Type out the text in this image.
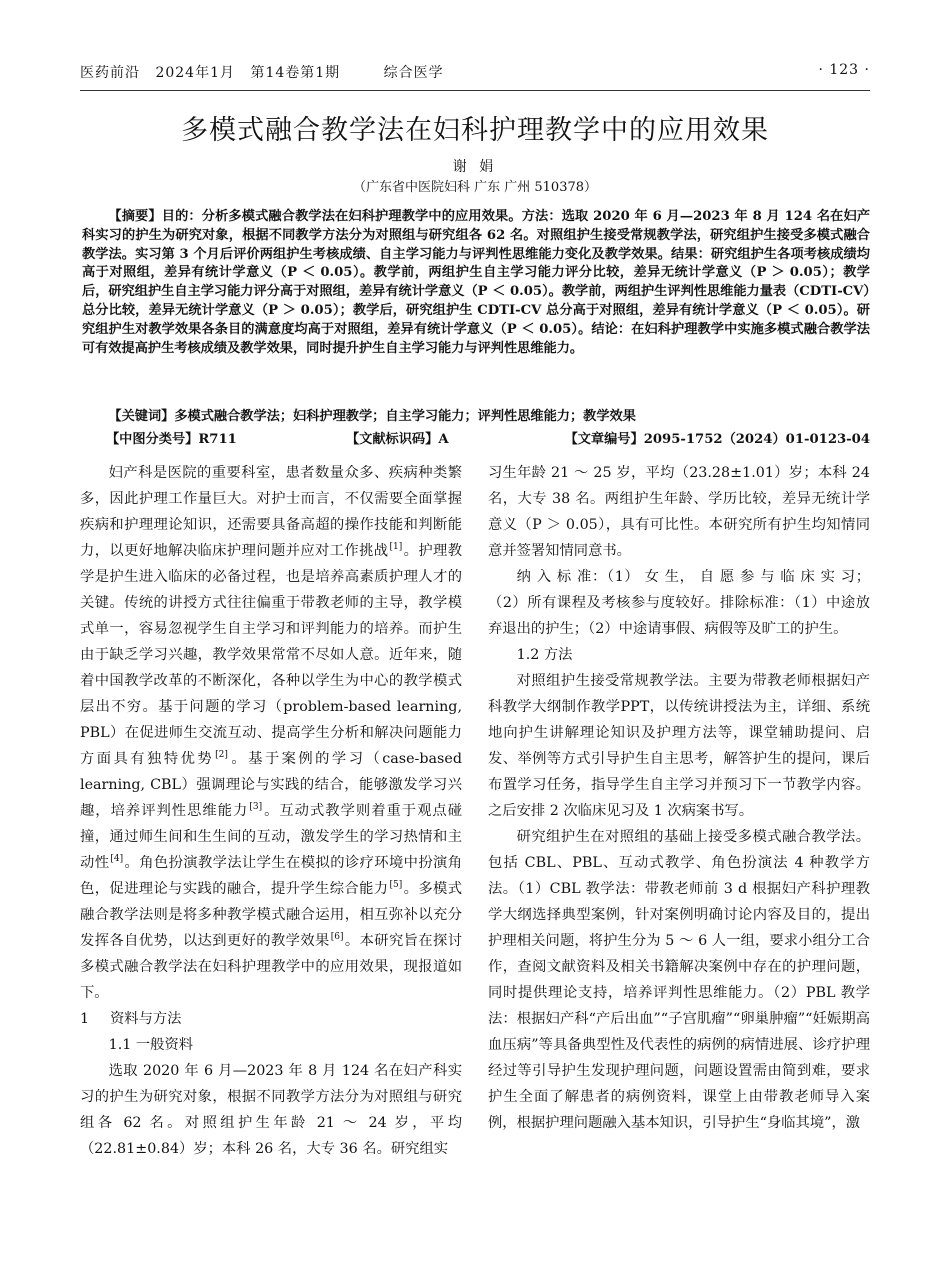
医药前沿 2024年1月 第14卷第1期	综合医学	· 123 ·
多模式融合教学法在妇科护理教学中的应用效果
谢 娟
（广东省中医院妇科 广东 广州 510378）

【摘要】目的：分析多模式融合教学法在妇科护理教学中的应用效果。方法：选取 2020 年 6 月—2023 年 8 月 124 名在妇产科实习的护生为研究对象，根据不同教学方法分为对照组与研究组各 62 名。对照组护生接受常规教学法，研究组护生接受多模式融合教学法。实习第 3 个月后评价两组护生考核成绩、自主学习能力与评判性思维能力变化及教学效果。结果：研究组护生各项考核成绩均高于对照组，差异有统计学意义（P ＜ 0.05）。教学前，两组护生自主学习能力评分比较，差异无统计学意义（P ＞ 0.05）；教学后，研究组护生自主学习能力评分高于对照组，差异有统计学意义（P ＜ 0.05）。教学前，两组护生评判性思维能力量表（CDTI-CV）总分比较，差异无统计学意义（P ＞ 0.05）；教学后，研究组护生 CDTI-CV 总分高于对照组，差异有统计学意义（P ＜ 0.05）。研究组护生对教学效果各条目的满意度均高于对照组，差异有统计学意义（P ＜ 0.05）。结论：在妇科护理教学中实施多模式融合教学法可有效提高护生考核成绩及教学效果，同时提升护生自主学习能力与评判性思维能力。

【关键词】多模式融合教学法；妇科护理教学；自主学习能力；评判性思维能力；教学效果
【中图分类号】R711	【文献标识码】A	【文章编号】2095-1752（2024）01-0123-04

妇产科是医院的重要科室，患者数量众多、疾病种类繁多，因此护理工作量巨大。对护士而言，不仅需要全面掌握疾病和护理理论知识，还需要具备高超的操作技能和判断能力，以更好地解决临床护理问题并应对工作挑战[1]。护理教学是护生进入临床的必备过程，也是培养高素质护理人才的关键。传统的讲授方式往往偏重于带教老师的主导，教学模式单一，容易忽视学生自主学习和评判能力的培养。而护生由于缺乏学习兴趣，教学效果常常不尽如人意。近年来，随着中国教学改革的不断深化，各种以学生为中心的教学模式层出不穷。基于问题的学习（problem-based learning, PBL）在促进师生交流互动、提高学生分析和解决问题能力方面具有独特优势[2]。基于案例的学习（case-based learning, CBL）强调理论与实践的结合，能够激发学习兴趣，培养评判性思维能力[3]。互动式教学则着重于观点碰撞，通过师生间和生生间的互动，激发学生的学习热情和主动性[4]。角色扮演教学法让学生在模拟的诊疗环境中扮演角色，促进理论与实践的融合，提升学生综合能力[5]。多模式融合教学法则是将多种教学模式融合运用，相互弥补以充分发挥各自优势，以达到更好的教学效果[6]。本研究旨在探讨多模式融合教学法在妇科护理教学中的应用效果，现报道如下。

1 资料与方法

1.1 一般资料

选取 2020 年 6 月—2023 年 8 月 124 名在妇产科实习的护生为研究对象，根据不同教学方法分为对照组与研究组各 62 名。对照组护生年龄 21 ～ 24 岁，平均（22.81±0.84）岁；本科 26 名，大专 36 名。研究组实

习生年龄 21 ～ 25 岁，平均（23.28±1.01）岁；本科 24 名，大专 38 名。两组护生年龄、学历比较，差异无统计学意义（P ＞ 0.05），具有可比性。本研究所有护生均知情同意并签署知情同意书。

纳 入 标 准：（1） 女 生， 自 愿 参 与 临 床 实 习；（2）所有课程及考核参与度较好。排除标准：（1）中途放弃退出的护生；（2）中途请事假、病假等及旷工的护生。

1.2 方法

对照组护生接受常规教学法。主要为带教老师根据妇产科教学大纲制作教学PPT，以传统讲授法为主，详细、系统地向护生讲解理论知识及护理方法等，课堂辅助提问、启发、举例等方式引导护生自主思考，解答护生的提问，课后布置学习任务，指导学生自主学习并预习下一节教学内容。之后安排 2 次临床见习及 1 次病案书写。

研究组护生在对照组的基础上接受多模式融合教学法。包括 CBL、PBL、互动式教学、角色扮演法 4 种教学方法。（1）CBL 教学法：带教老师前 3 d 根据妇产科护理教学大纲选择典型案例，针对案例明确讨论内容及目的，提出护理相关问题，将护生分为 5 ～ 6 人一组，要求小组分工合作，查阅文献资料及相关书籍解决案例中存在的护理问题，同时提供理论支持，培养评判性思维能力。（2）PBL 教学法：根据妇产科“产后出血”“子宫肌瘤”“卵巢肿瘤”“妊娠期高血压病”等具备典型性及代表性的病例的病情进展、诊疗护理经过等引导护生发现护理问题，问题设置需由简到难，要求护生全面了解患者的病例资料，课堂上由带教老师导入案例，根据护理问题融入基本知识，引导护生“身临其境”，激
